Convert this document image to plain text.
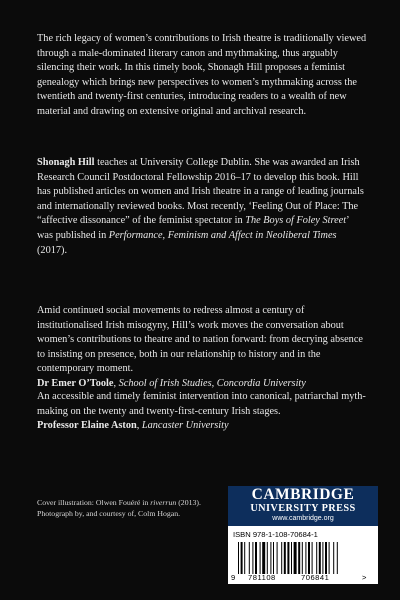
The rich legacy of women’s contributions to Irish theatre is traditionally viewed through a male-dominated literary canon and mythmaking, thus arguably silencing their work. In this timely book, Shonagh Hill proposes a feminist genealogy which brings new perspectives to women’s mythmaking across the twentieth and twenty-first centuries, introducing readers to a wealth of new material and drawing on extensive original and archival research.

Shonagh Hill teaches at University College Dublin. She was awarded an Irish Research Council Postdoctoral Fellowship 2016–17 to develop this book. Hill has published articles on women and Irish theatre in a range of leading journals and internationally reviewed books. Most recently, ‘Feeling Out of Place: The “affective dissonance” of the feminist spectator in The Boys of Foley Street’ was published in Performance, Feminism and Affect in Neoliberal Times (2017).

Amid continued social movements to redress almost a century of institutionalised Irish misogyny, Hill’s work moves the conversation about women’s contributions to theatre and to nation forward: from decrying absence to insisting on presence, both in our relationship to history and in the contemporary moment.
Dr Emer O’Toole, School of Irish Studies, Concordia University

An accessible and timely feminist intervention into canonical, patriarchal myth-making on the twenty and twenty-first-century Irish stages.
Professor Elaine Aston, Lancaster University

Cover illustration: Olwen Fouéré in riverrun (2013). Photograph by, and courtesy of, Colm Hogan.

CAMBRIDGE
UNIVERSITY PRESS
www.cambridge.org
ISBN 978-1-108-70684-1
9 781108	706841	>
